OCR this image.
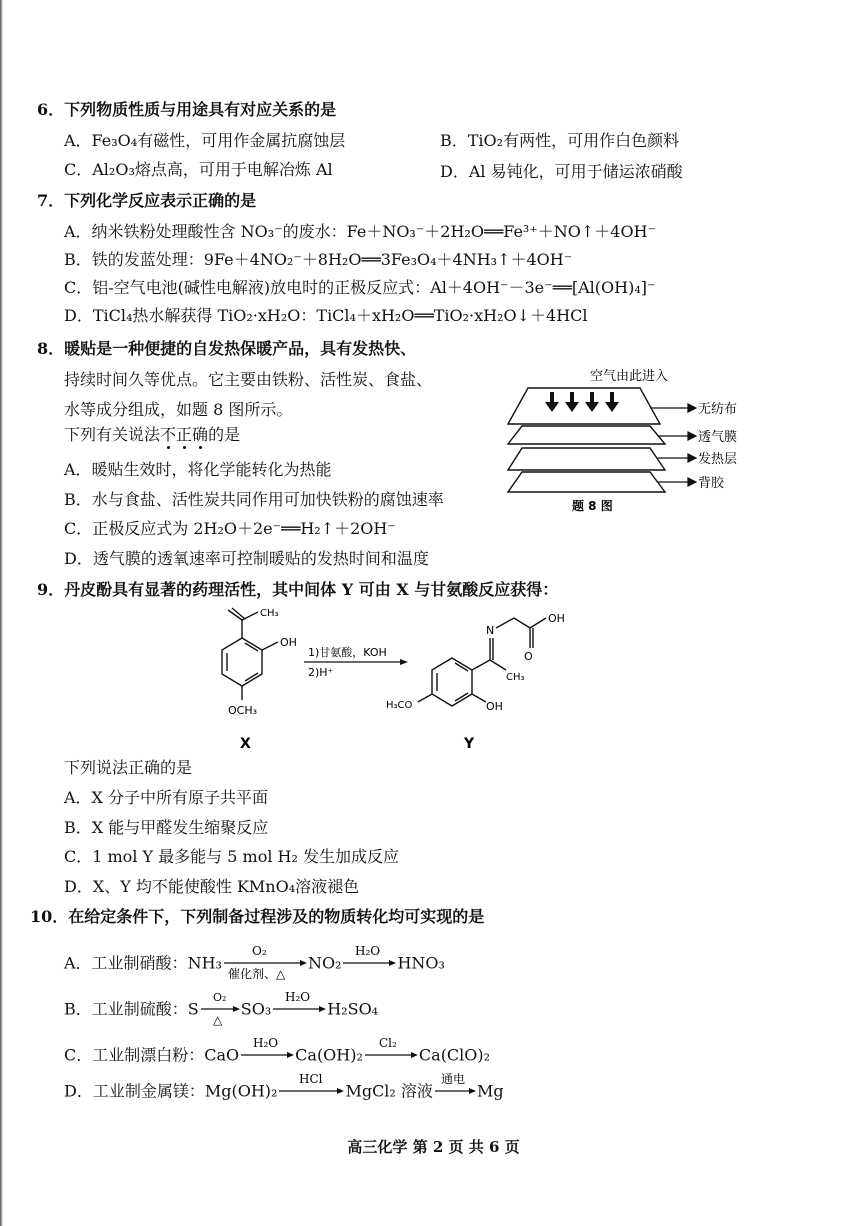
6．下列物质性质与用途具有对应关系的是
A．Fe₃O₄有磁性，可用作金属抗腐蚀层	B．TiO₂有两性，可用作白色颜料
C．Al₂O₃熔点高，可用于电解冶炼 Al	D．Al 易钝化，可用于储运浓硝酸
7．下列化学反应表示正确的是
A．纳米铁粉处理酸性含 NO₃⁻的废水：Fe＋NO₃⁻＋2H₂O══Fe³⁺＋NO↑＋4OH⁻
B．铁的发蓝处理：9Fe＋4NO₂⁻＋8H₂O══3Fe₃O₄＋4NH₃↑＋4OH⁻
C．铝-空气电池(碱性电解液)放电时的正极反应式：Al＋4OH⁻－3e⁻══[Al(OH)₄]⁻
D．TiCl₄热水解获得 TiO₂·xH₂O：TiCl₄＋xH₂O══TiO₂·xH₂O↓＋4HCl
8．暖贴是一种便捷的自发热保暖产品，具有发热快、
持续时间久等优点。它主要由铁粉、活性炭、食盐、
水等成分组成，如题 8 图所示。
下列有关说法不正确的是
A．暖贴生效时，将化学能转化为热能
B．水与食盐、活性炭共同作用可加快铁粉的腐蚀速率
C．正极反应式为 2H₂O＋2e⁻══H₂↑＋2OH⁻
D．透气膜的透氧速率可控制暖贴的发热时间和温度
空气由此进入
无纺布
透气膜
发热层
背胶
题 8 图
9．丹皮酚具有显著的药理活性，其中间体 Y 可由 X 与甘氨酸反应获得：
CH₃
OH
OCH₃
X
1)甘氨酸，KOH
2)H⁺
N
OH
O
CH₃
H₃CO	OH
Y
下列说法正确的是
A．X 分子中所有原子共平面
B．X 能与甲醛发生缩聚反应
C．1 mol Y 最多能与 5 mol H₂ 发生加成反应
D．X、Y 均不能使酸性 KMnO₄溶液褪色
10．在给定条件下，下列制备过程涉及的物质转化均可实现的是
A．工业制硝酸：NH₃
O₂
催化剂、△
NO₂
H₂O
HNO₃
B．工业制硫酸：S
O₂
△
SO₃
H₂O
H₂SO₄
C．工业制漂白粉：CaO
H₂O
Ca(OH)₂
Cl₂
Ca(ClO)₂
D．工业制金属镁：Mg(OH)₂
HCl
MgCl₂ 溶液
通电
Mg
高三化学 第 2 页 共 6 页
